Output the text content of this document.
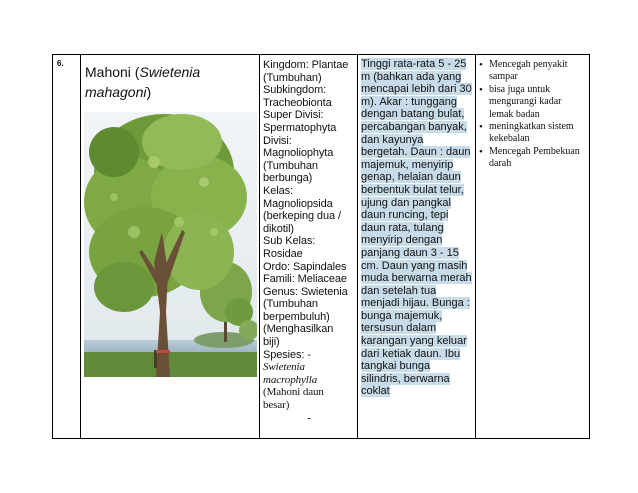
6.

Mahoni (Swietenia mahagoni)

Kingdom: Plantae
(Tumbuhan)
Subkingdom:
Tracheobionta
Super Divisi:
Spermatophyta
Divisi:
Magnoliophyta
(Tumbuhan
berbunga)
Kelas:
Magnoliopsida
(berkeping dua /
dikotil)
Sub Kelas:
Rosidae
Ordo: Sapindales
Famili: Meliaceae
Genus: Swietenia
(Tumbuhan
berpembuluh)
(Menghasilkan
biji)
Spesies: -
Swietenia
macrophylla
(Mahoni daun
besar)
-

Tinggi rata-rata 5 - 25 m (bahkan ada yang mencapai lebih dari 30 m). Akar : tunggang dengan batang bulat, percabangan banyak, dan kayunya bergetah. Daun : daun majemuk, menyirip genap, helaian daun berbentuk bulat telur, ujung dan pangkal daun runcing, tepi daun rata, tulang menyirip dengan panjang daun 3 - 15 cm. Daun yang masih muda berwarna merah dan setelah tua menjadi hijau. Bunga : bunga majemuk, tersusun dalam karangan yang keluar dari ketiak daun. Ibu tangkai bunga silindris, berwarna coklat

• Mencegah penyakit sampar
• bisa juga untuk mengurangi kadar lemak badan
• meningkatkan sistem kekebalan
• Mencegah Pembekuan darah
